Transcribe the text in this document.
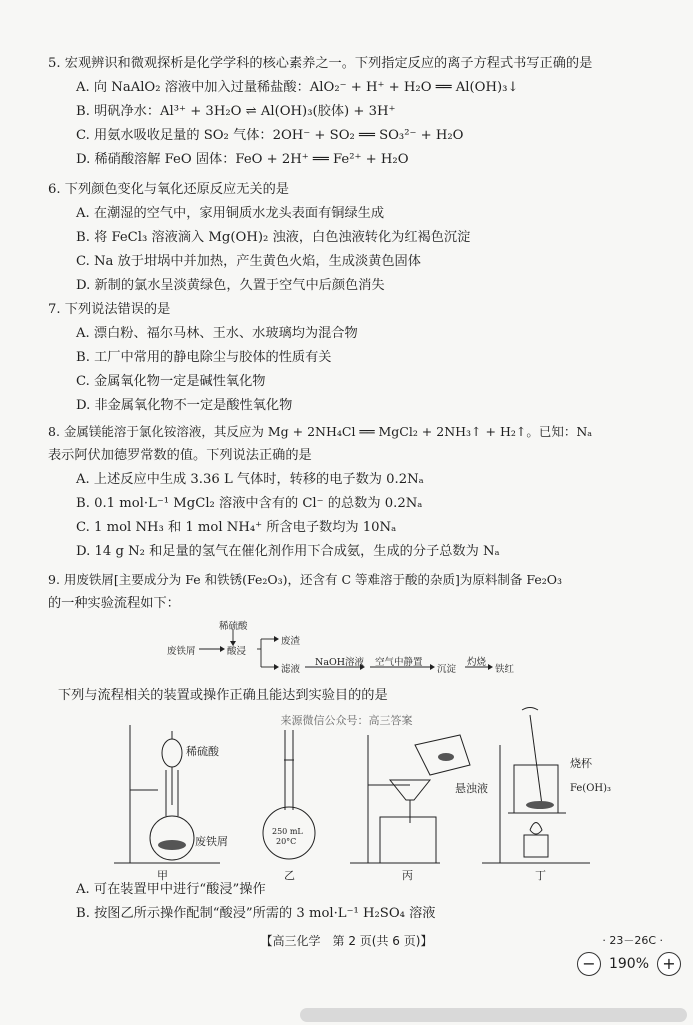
5. 宏观辨识和微观探析是化学学科的核心素养之一。下列指定反应的离子方程式书写正确的是
A. 向 NaAlO₂ 溶液中加入过量稀盐酸：AlO₂⁻ + H⁺ + H₂O ══ Al(OH)₃↓
B. 明矾净水：Al³⁺ + 3H₂O ⇌ Al(OH)₃(胶体) + 3H⁺
C. 用氨水吸收足量的 SO₂ 气体：2OH⁻ + SO₂ ══ SO₃²⁻ + H₂O
D. 稀硝酸溶解 FeO 固体：FeO + 2H⁺ ══ Fe²⁺ + H₂O
6. 下列颜色变化与氧化还原反应无关的是
A. 在潮湿的空气中，家用铜质水龙头表面有铜绿生成
B. 将 FeCl₃ 溶液滴入 Mg(OH)₂ 浊液，白色浊液转化为红褐色沉淀
C. Na 放于坩埚中并加热，产生黄色火焰，生成淡黄色固体
D. 新制的氯水呈淡黄绿色，久置于空气中后颜色消失
7. 下列说法错误的是
A. 漂白粉、福尔马林、王水、水玻璃均为混合物
B. 工厂中常用的静电除尘与胶体的性质有关
C. 金属氧化物一定是碱性氧化物
D. 非金属氧化物不一定是酸性氧化物
8. 金属镁能溶于氯化铵溶液，其反应为 Mg + 2NH₄Cl ══ MgCl₂ + 2NH₃↑ + H₂↑。已知：Nₐ
表示阿伏加德罗常数的值。下列说法正确的是
A. 上述反应中生成 3.36 L 气体时，转移的电子数为 0.2Nₐ
B. 0.1 mol·L⁻¹ MgCl₂ 溶液中含有的 Cl⁻ 的总数为 0.2Nₐ
C. 1 mol NH₃ 和 1 mol NH₄⁺ 所含电子数均为 10Nₐ
D. 14 g N₂ 和足量的氢气在催化剂作用下合成氨，生成的分子总数为 Nₐ
9. 用废铁屑[主要成分为 Fe 和铁锈(Fe₂O₃)，还含有 C 等难溶于酸的杂质]为原料制备 Fe₂O₃
的一种实验流程如下：
稀硫酸
废铁屑	酸浸
废渣
滤液
NaOH溶液 空气中静置
沉淀
灼烧
铁红
下列与流程相关的装置或操作正确且能达到实验目的的是
来源微信公众号：高三答案
稀硫酸
废铁屑
250 mL
20°C
悬浊液
烧杯
Fe(OH)₃
甲	乙	丙	丁
A. 可在装置甲中进行“酸浸”操作
B. 按图乙所示操作配制“酸浸”所需的 3 mol·L⁻¹ H₂SO₄ 溶液
【高三化学　第 2 页(共 6 页)】	· 23－26C ·
− 190% +
